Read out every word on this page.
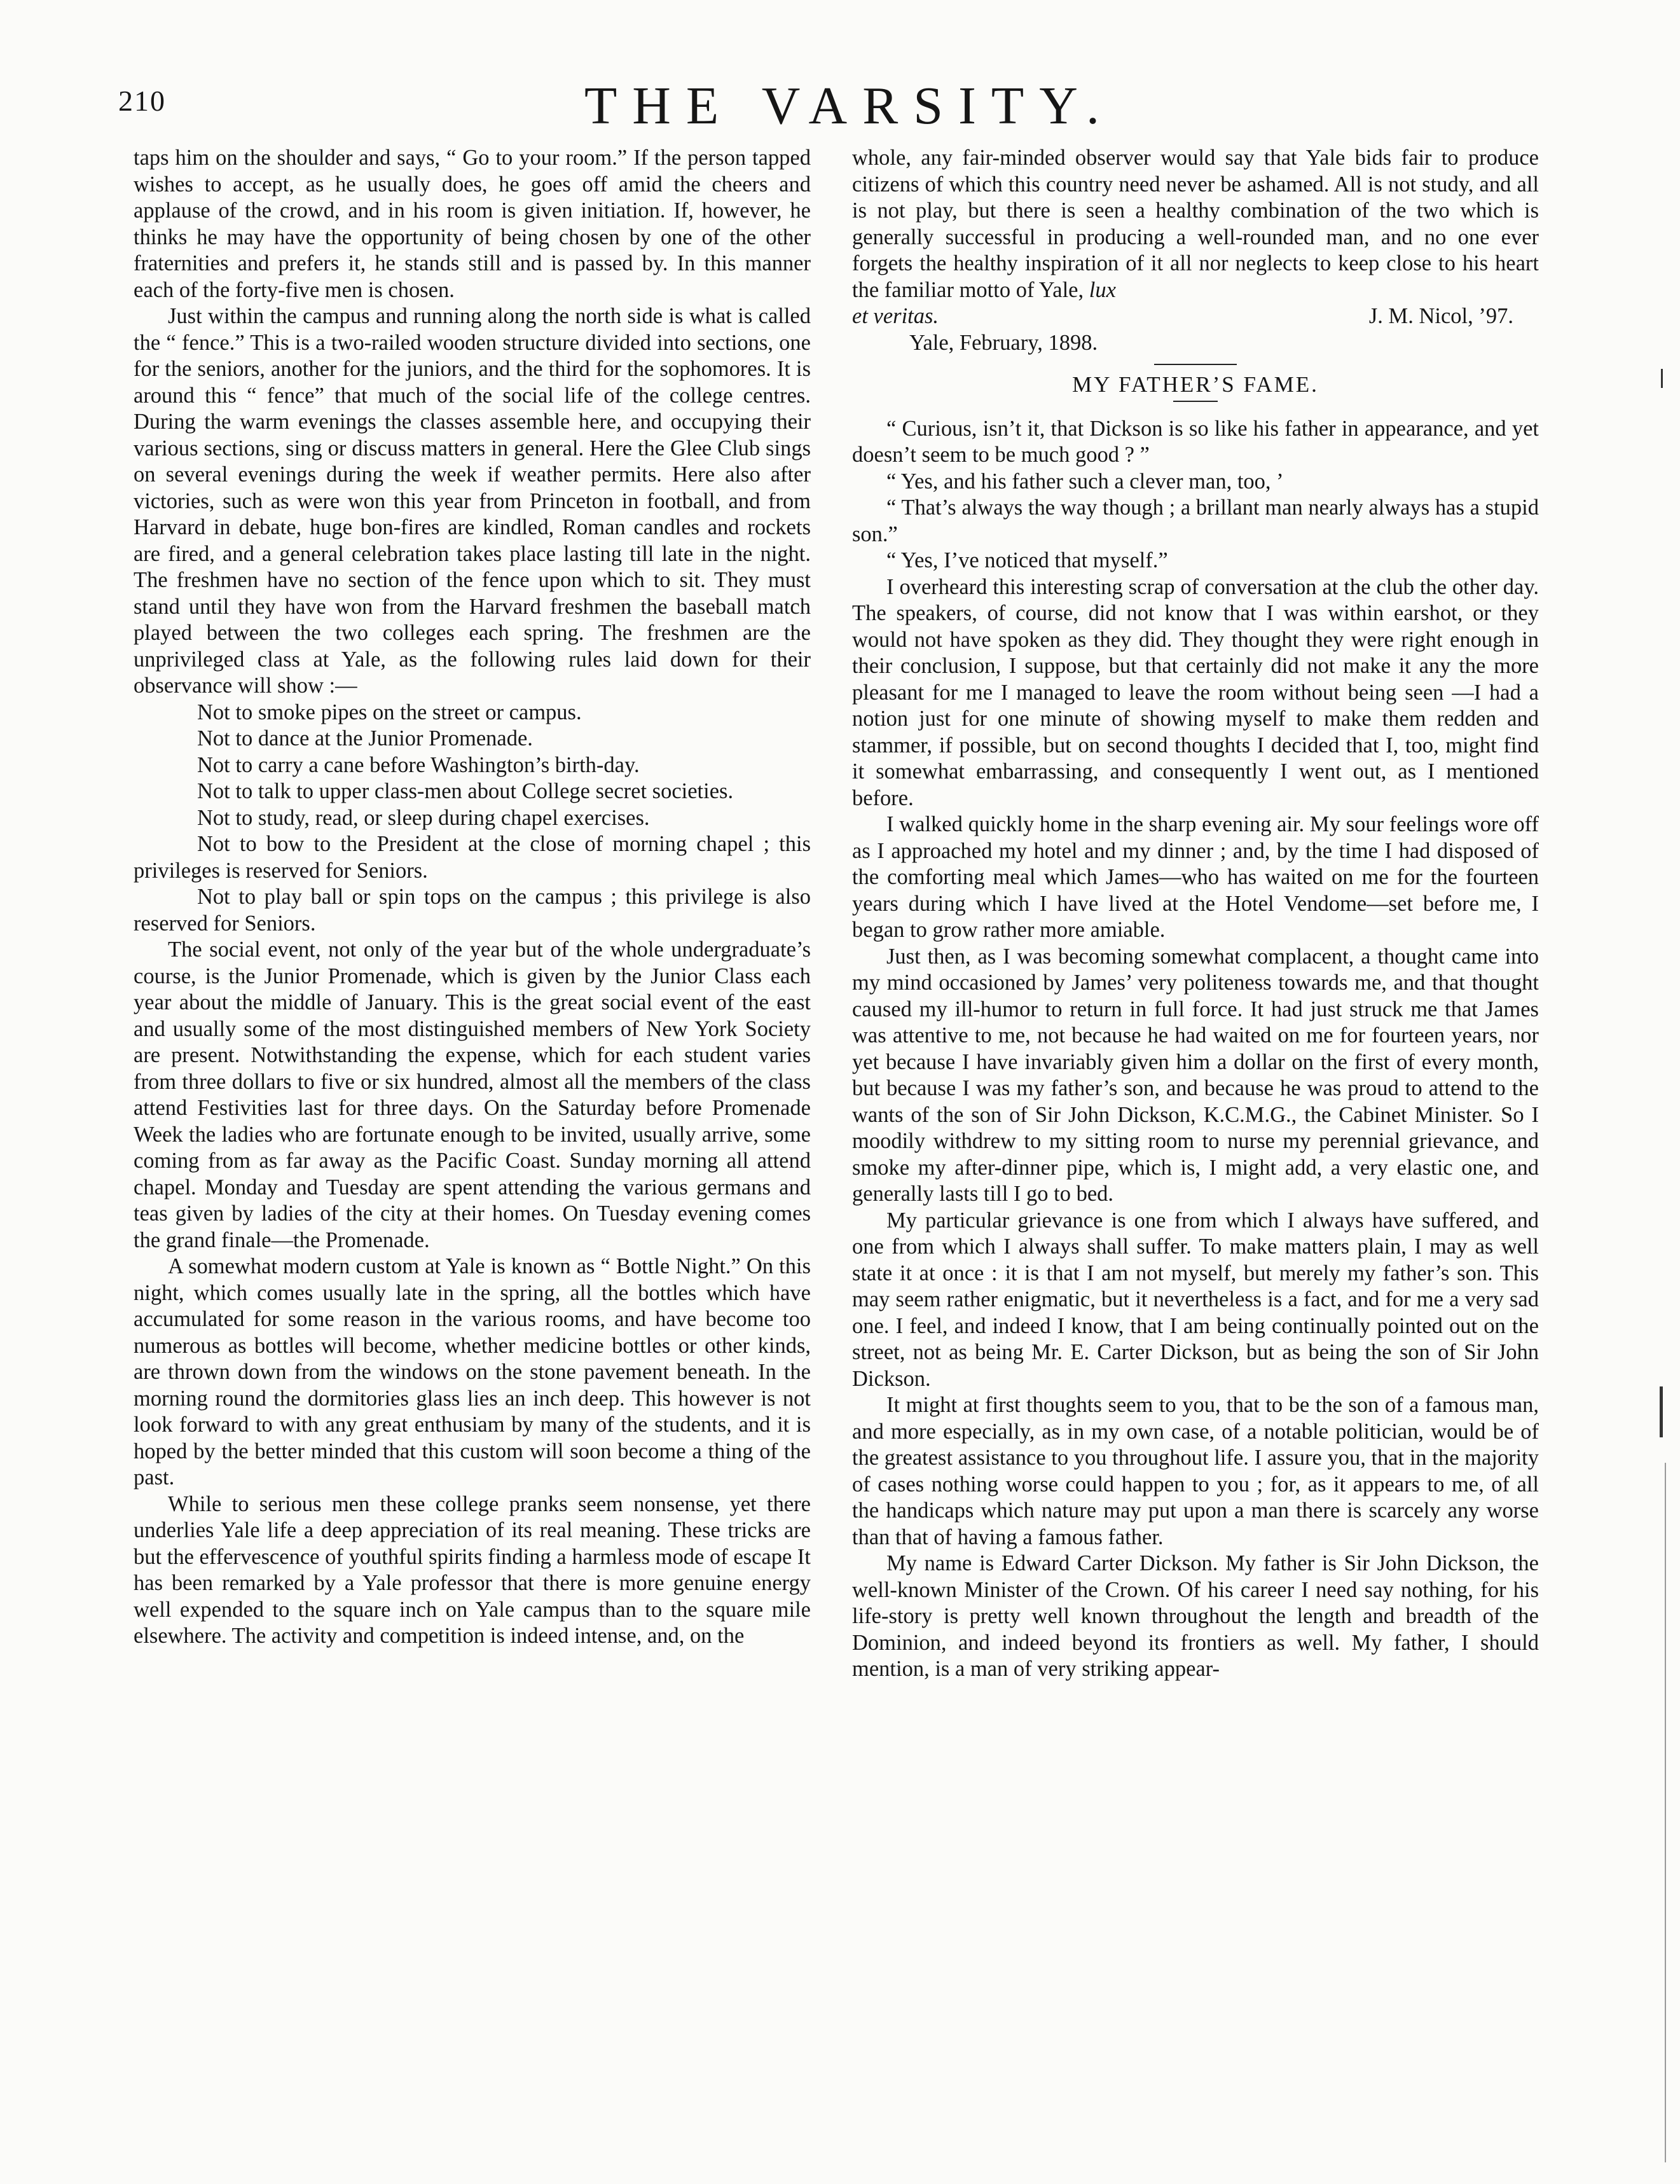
210	THE VARSITY.

taps him on the shoulder and says, “ Go to your room.” If the person tapped wishes to accept, as he usually does, he goes off amid the cheers and applause of the crowd, and in his room is given initiation. If, however, he thinks he may have the opportunity of being chosen by one of the other fraternities and prefers it, he stands still and is passed by. In this manner each of the forty-five men is chosen.

Just within the campus and running along the north side is what is called the “ fence.” This is a two-railed wooden structure divided into sections, one for the seniors, another for the juniors, and the third for the sophomores. It is around this “ fence” that much of the social life of the college centres. During the warm evenings the classes assemble here, and occupying their various sections, sing or discuss matters in general. Here the Glee Club sings on several evenings during the week if weather permits. Here also after victories, such as were won this year from Princeton in football, and from Harvard in debate, huge bon-fires are kindled, Roman candles and rockets are fired, and a general celebration takes place lasting till late in the night. The freshmen have no section of the fence upon which to sit. They must stand until they have won from the Harvard freshmen the baseball match played between the two colleges each spring. The freshmen are the unprivileged class at Yale, as the following rules laid down for their observance will show :—

Not to smoke pipes on the street or campus.

Not to dance at the Junior Promenade.

Not to carry a cane before Washington’s birth-day.

Not to talk to upper class-men about College secret societies.

Not to study, read, or sleep during chapel exercises.

Not to bow to the President at the close of morning chapel ; this privileges is reserved for Seniors.

Not to play ball or spin tops on the campus ; this privilege is also reserved for Seniors.

The social event, not only of the year but of the whole undergraduate’s course, is the Junior Promenade, which is given by the Junior Class each year about the middle of January. This is the great social event of the east and usually some of the most distinguished members of New York Society are present. Notwithstanding the expense, which for each student varies from three dollars to five or six hundred, almost all the members of the class attend Festivities last for three days. On the Saturday before Promenade Week the ladies who are fortunate enough to be invited, usually arrive, some coming from as far away as the Pacific Coast. Sunday morning all attend chapel. Monday and Tuesday are spent attending the various germans and teas given by ladies of the city at their homes. On Tuesday evening comes the grand finale—the Promenade.

A somewhat modern custom at Yale is known as “ Bottle Night.” On this night, which comes usually late in the spring, all the bottles which have accumulated for some reason in the various rooms, and have become too numerous as bottles will become, whether medicine bottles or other kinds, are thrown down from the windows on the stone pavement beneath. In the morning round the dormitories glass lies an inch deep. This however is not look forward to with any great enthusiam by many of the students, and it is hoped by the better minded that this custom will soon become a thing of the past.

While to serious men these college pranks seem nonsense, yet there underlies Yale life a deep appreciation of its real meaning. These tricks are but the effervescence of youthful spirits finding a harmless mode of escape It has been remarked by a Yale professor that there is more genuine energy well expended to the square inch on Yale campus than to the square mile elsewhere. The activity and competition is indeed intense, and, on the

whole, any fair-minded observer would say that Yale bids fair to produce citizens of which this country need never be ashamed. All is not study, and all is not play, but there is seen a healthy combination of the two which is generally successful in producing a well-rounded man, and no one ever forgets the healthy inspiration of it all nor neglects to keep close to his heart the familiar motto of Yale, lux

et veritas.	J. M. Nicol, ’97.

Yale, February, 1898.

MY FATHER’S FAME.

“ Curious, isn’t it, that Dickson is so like his father in appearance, and yet doesn’t seem to be much good ? ”

“ Yes, and his father such a clever man, too, ’

“ That’s always the way though ; a brillant man nearly always has a stupid son.”

“ Yes, I’ve noticed that myself.”

I overheard this interesting scrap of conversation at the club the other day. The speakers, of course, did not know that I was within earshot, or they would not have spoken as they did. They thought they were right enough in their conclusion, I suppose, but that certainly did not make it any the more pleasant for me I managed to leave the room without being seen —I had a notion just for one minute of showing myself to make them redden and stammer, if possible, but on second thoughts I decided that I, too, might find it somewhat embarrassing, and consequently I went out, as I mentioned before.

I walked quickly home in the sharp evening air. My sour feelings wore off as I approached my hotel and my dinner ; and, by the time I had disposed of the comforting meal which James—who has waited on me for the fourteen years during which I have lived at the Hotel Vendome—set before me, I began to grow rather more amiable.

Just then, as I was becoming somewhat complacent, a thought came into my mind occasioned by James’ very politeness towards me, and that thought caused my ill-humor to return in full force. It had just struck me that James was attentive to me, not because he had waited on me for fourteen years, nor yet because I have invariably given him a dollar on the first of every month, but because I was my father’s son, and because he was proud to attend to the wants of the son of Sir John Dickson, K.C.M.G., the Cabinet Minister. So I moodily withdrew to my sitting room to nurse my perennial grievance, and smoke my after-dinner pipe, which is, I might add, a very elastic one, and generally lasts till I go to bed.

My particular grievance is one from which I always have suffered, and one from which I always shall suffer. To make matters plain, I may as well state it at once : it is that I am not myself, but merely my father’s son. This may seem rather enigmatic, but it nevertheless is a fact, and for me a very sad one. I feel, and indeed I know, that I am being continually pointed out on the street, not as being Mr. E. Carter Dickson, but as being the son of Sir John Dickson.

It might at first thoughts seem to you, that to be the son of a famous man, and more especially, as in my own case, of a notable politician, would be of the greatest assistance to you throughout life. I assure you, that in the majority of cases nothing worse could happen to you ; for, as it appears to me, of all the handicaps which nature may put upon a man there is scarcely any worse than that of having a famous father.

My name is Edward Carter Dickson. My father is Sir John Dickson, the well-known Minister of the Crown. Of his career I need say nothing, for his life-story is pretty well known throughout the length and breadth of the Dominion, and indeed beyond its frontiers as well. My father, I should mention, is a man of very striking appear-
